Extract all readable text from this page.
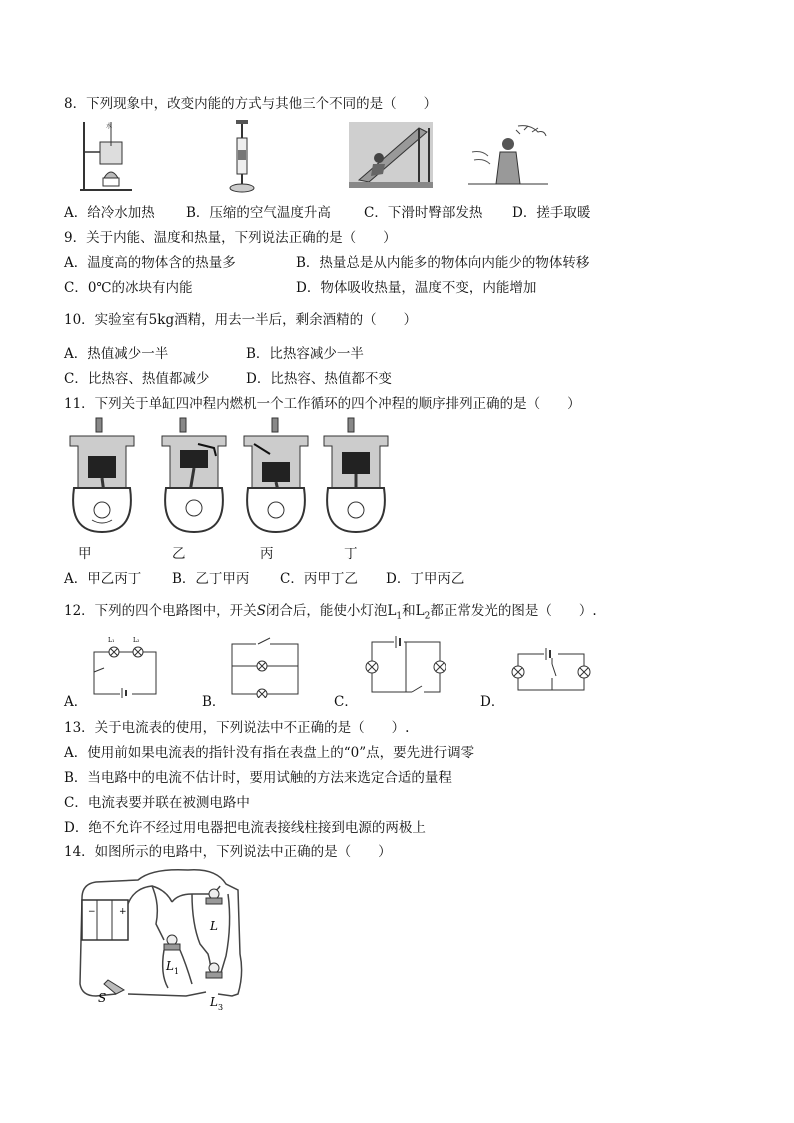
8．下列现象中，改变内能的方式与其他三个不同的是（　　）
水
A．给冷水加热 B．压缩的空气温度升高 C．下滑时臀部发热 D．搓手取暖
9．关于内能、温度和热量，下列说法正确的是（　　）
A．温度高的物体含的热量多	B．热量总是从内能多的物体向内能少的物体转移
C．0℃的冰块有内能	D．物体吸收热量，温度不变，内能增加
10．实验室有5kg酒精，用去一半后，剩余酒精的（　　）
A．热值减少一半	B．比热容减少一半
C．比热容、热值都减少	D．比热容、热值都不变
11．下列关于单缸四冲程内燃机一个工作循环的四个冲程的顺序排列正确的是（　　）
甲	乙	丙	丁
A．甲乙丙丁 B．乙丁甲丙 C．丙甲丁乙 D．丁甲丙乙
12．下列的四个电路图中，开关S闭合后，能使小灯泡$L_1$和$L_2$都正常发光的图是（　　）.
L₁	L₂
A．	B．	C．	D．
13．关于电流表的使用，下列说法中不正确的是（　　）.
A．使用前如果电流表的指针没有指在表盘上的“0”点，要先进行调零
B．当电路中的电流不估计时，要用试触的方法来选定合适的量程
C．电流表要并联在被测电路中
D．绝不允许不经过用电器把电流表接线柱接到电源的两极上
14．如图所示的电路中，下列说法中正确的是（　　）
−	+
L
L 1
S	L 3
